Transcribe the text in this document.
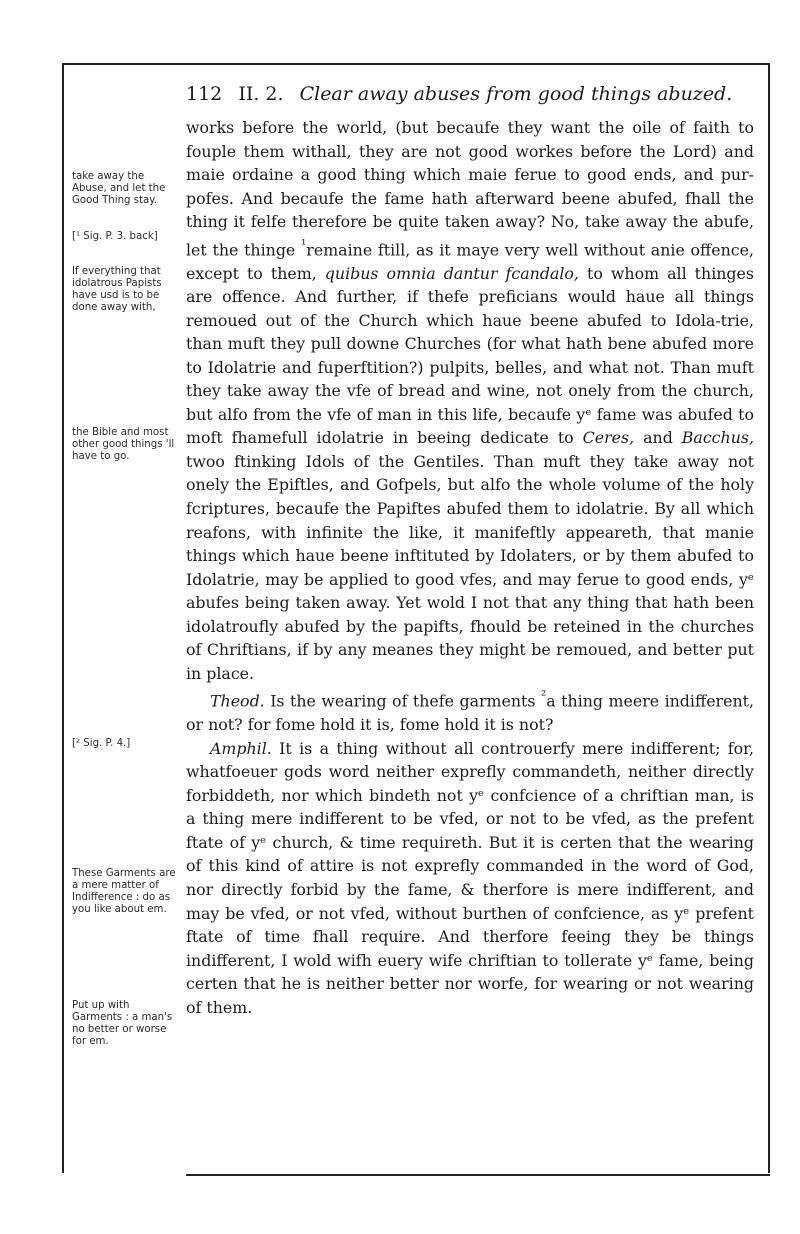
112 II. 2. Clear away abuses from good things abuzed.
take away the Abuse, and let the Good Thing stay.
[¹ Sig. P. 3. back]
If everything that idolatrous Papists have usd is to be done away with,
the Bible and most other good things 'll have to go.
[² Sig. P. 4.]
These Garments are a mere matter of Indifference : do as you like about em.
Put up with Garments : a man's no better or worse for em.

works before the world, (but becaufe they want the oile of faith to fouple them withall, they are not good workes before the Lord) and maie ordaine a good thing which maie ferue to good ends, and pur-pofes. And becaufe the fame hath afterward beene abufed, fhall the thing it felfe therefore be quite taken away? No, take away the abufe, let the thinge $^{^1}$remaine ftill, as it maye very well without anie offence, except to them, quibus omnia dantur fcandalo, to whom all thinges are offence. And further, if thefe preficians would haue all things remoued out of the Church which haue beene abufed to Idola-trie, than muft they pull downe Churches (for what hath bene abufed more to Idolatrie and fuperftition?) pulpits, belles, and what not. Than muft they take away the vfe of bread and wine, not onely from the church, but alfo from the vfe of man in this life, becaufe yᵉ fame was abufed to moft fhamefull idolatrie in beeing dedicate to Ceres, and Bacchus, twoo ftinking Idols of the Gentiles. Than muft they take away not onely the Epiftles, and Gofpels, but alfo the whole volume of the holy fcriptures, becaufe the Papiftes abufed them to idolatrie. By all which reafons, with infinite the like, it manifeftly appeareth, that manie things which haue beene inftituted by Idolaters, or by them abufed to Idolatrie, may be applied to good vfes, and may ferue to good ends, yᵉ abufes being taken away. Yet wold I not that any thing that hath been idolatroufly abufed by the papifts, fhould be reteined in the churches of Chriftians, if by any meanes they might be remoued, and better put in place.

Theod. Is the wearing of thefe garments $^{^2}$a thing meere indifferent, or not? for fome hold it is, fome hold it is not?

Amphil. It is a thing without all controuerfy mere indifferent; for, whatfoeuer gods word neither exprefly commandeth, neither directly forbiddeth, nor which bindeth not yᵉ confcience of a chriftian man, is a thing mere indifferent to be vfed, or not to be vfed, as the prefent ftate of yᵉ church, & time requireth. But it is certen that the wearing of this kind of attire is not exprefly commanded in the word of God, nor directly forbid by the fame, & therfore is mere indifferent, and may be vfed, or not vfed, without burthen of confcience, as yᵉ prefent ftate of time fhall require. And therfore feeing they be things indifferent, I wold wifh euery wife chriftian to tollerate yᵉ fame, being certen that he is neither better nor worfe, for wearing or not wearing of them.
